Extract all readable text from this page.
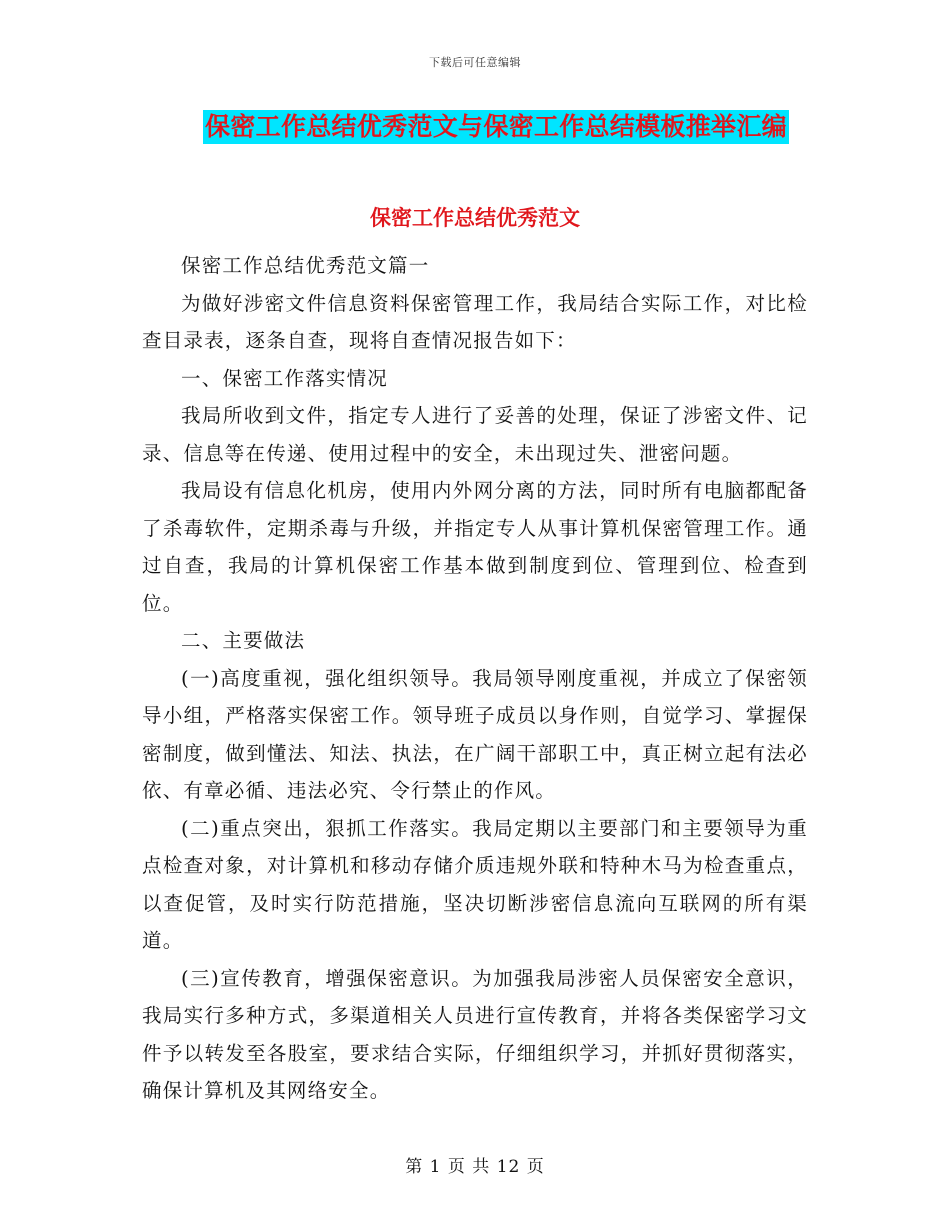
下载后可任意编辑
保密工作总结优秀范文与保密工作总结模板推举汇编
保密工作总结优秀范文

保密工作总结优秀范文篇一

为做好涉密文件信息资料保密管理工作，我局结合实际工作，对比检查目录表，逐条自查，现将自查情况报告如下：

一、保密工作落实情况

我局所收到文件，指定专人进行了妥善的处理，保证了涉密文件、记录、信息等在传递、使用过程中的安全，未出现过失、泄密问题。

我局设有信息化机房，使用内外网分离的方法，同时所有电脑都配备了杀毒软件，定期杀毒与升级，并指定专人从事计算机保密管理工作。通过自查，我局的计算机保密工作基本做到制度到位、管理到位、检查到位。

二、主要做法

(一)高度重视，强化组织领导。我局领导刚度重视，并成立了保密领导小组，严格落实保密工作。领导班子成员以身作则，自觉学习、掌握保密制度，做到懂法、知法、执法，在广阔干部职工中，真正树立起有法必依、有章必循、违法必究、令行禁止的作风。

(二)重点突出，狠抓工作落实。我局定期以主要部门和主要领导为重点检查对象，对计算机和移动存储介质违规外联和特种木马为检查重点，以查促管，及时实行防范措施，坚决切断涉密信息流向互联网的所有渠道。

(三)宣传教育，增强保密意识。为加强我局涉密人员保密安全意识，我局实行多种方式，多渠道相关人员进行宣传教育，并将各类保密学习文件予以转发至各股室，要求结合实际，仔细组织学习，并抓好贯彻落实，确保计算机及其网络安全。

第 1 页 共 12 页
